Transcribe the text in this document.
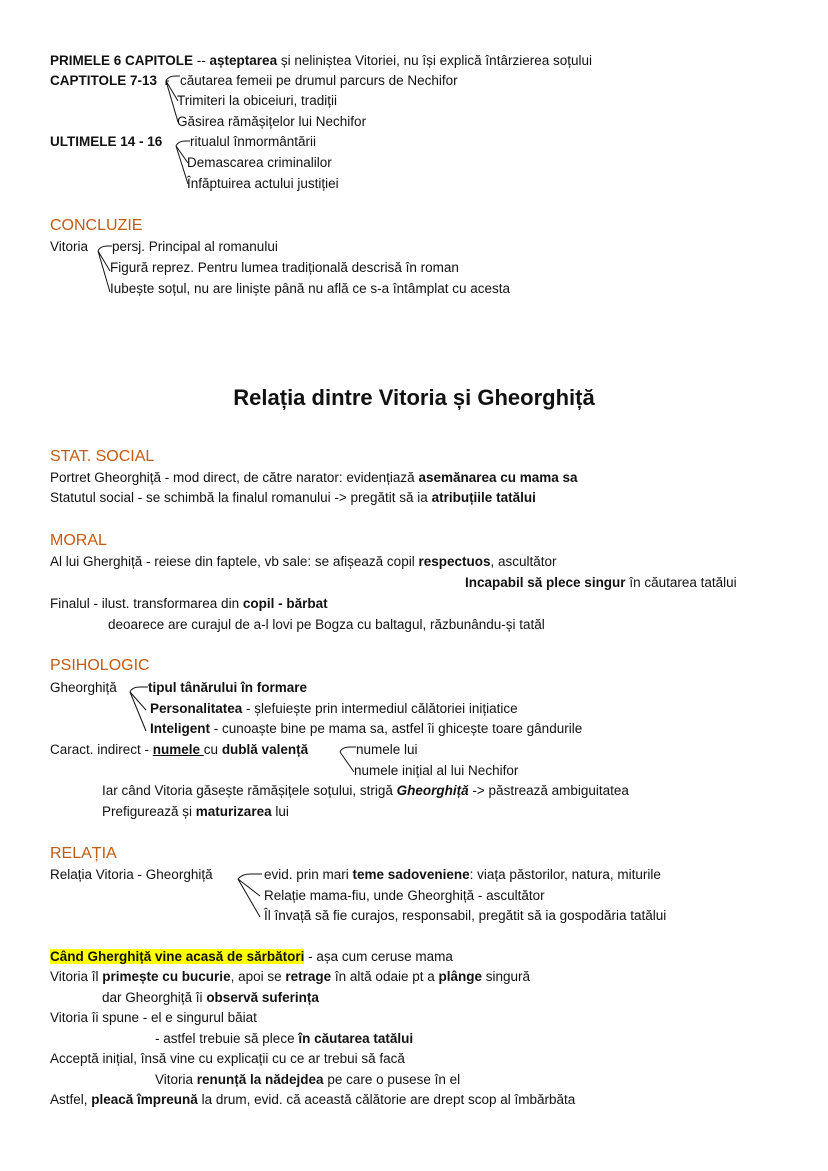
PRIMELE 6 CAPITOLE -- așteptarea și neliniștea Vitoriei, nu își explică întârzierea soțului
CAPTITOLE 7-13 căutarea femeii pe drumul parcurs de Nechifor
Trimiteri la obiceiuri, tradiții
Găsirea rămășițelor lui Nechifor
ULTIMELE 14 - 16 ritualul înmormântării
Demascarea criminalilor
Înfăptuirea actului justiției
CONCLUZIE
Vitoria persj. Principal al romanului
Figură reprez. Pentru lumea tradițională descrisă în roman
Iubește soțul, nu are liniște până nu află ce s-a întâmplat cu acesta
Relația dintre Vitoria și Gheorghiță
STAT. SOCIAL
Portret Gheorghiță - mod direct, de către narator: evidențiază asemănarea cu mama sa
Statutul social - se schimbă la finalul romanului -> pregătit să ia atribuțiile tatălui
MORAL
Al lui Gherghiță - reiese din faptele, vb sale: se afișează copil respectuos, ascultător
Incapabil să plece singur în căutarea tatălui
Finalul - ilust. transformarea din copil - bărbat
deoarece are curajul de a-l lovi pe Bogza cu baltagul, răzbunându-și tatăl
PSIHOLOGIC
Gheorghiță tipul tânărului în formare
Personalitatea - șlefuiește prin intermediul călătoriei inițiatice
Inteligent - cunoaște bine pe mama sa, astfel îi ghicește toare gândurile
Caract. indirect - numele cu dublă valență	numele lui
numele inițial al lui Nechifor
Iar când Vitoria găsește rămășițele soțului, strigă Gheorghiță -> păstrează ambiguitatea
Prefigurează și maturizarea lui
RELAȚIA
Relația Vitoria - Gheorghiță	evid. prin mari teme sadoveniene: viața păstorilor, natura, miturile
Relație mama-fiu, unde Gheorghiță - ascultător
Îl învață să fie curajos, responsabil, pregătit să ia gospodăria tatălui
Când Gherghiță vine acasă de sărbători - așa cum ceruse mama
Vitoria îl primește cu bucurie, apoi se retrage în altă odaie pt a plânge singură
dar Gheorghiță îi observă suferința
Vitoria îi spune - el e singurul băiat
- astfel trebuie să plece în căutarea tatălui
Acceptă inițial, însă vine cu explicații cu ce ar trebui să facă
Vitoria renunță la nădejdea pe care o pusese în el
Astfel, pleacă împreună la drum, evid. că această călătorie are drept scop al îmbărbăta
